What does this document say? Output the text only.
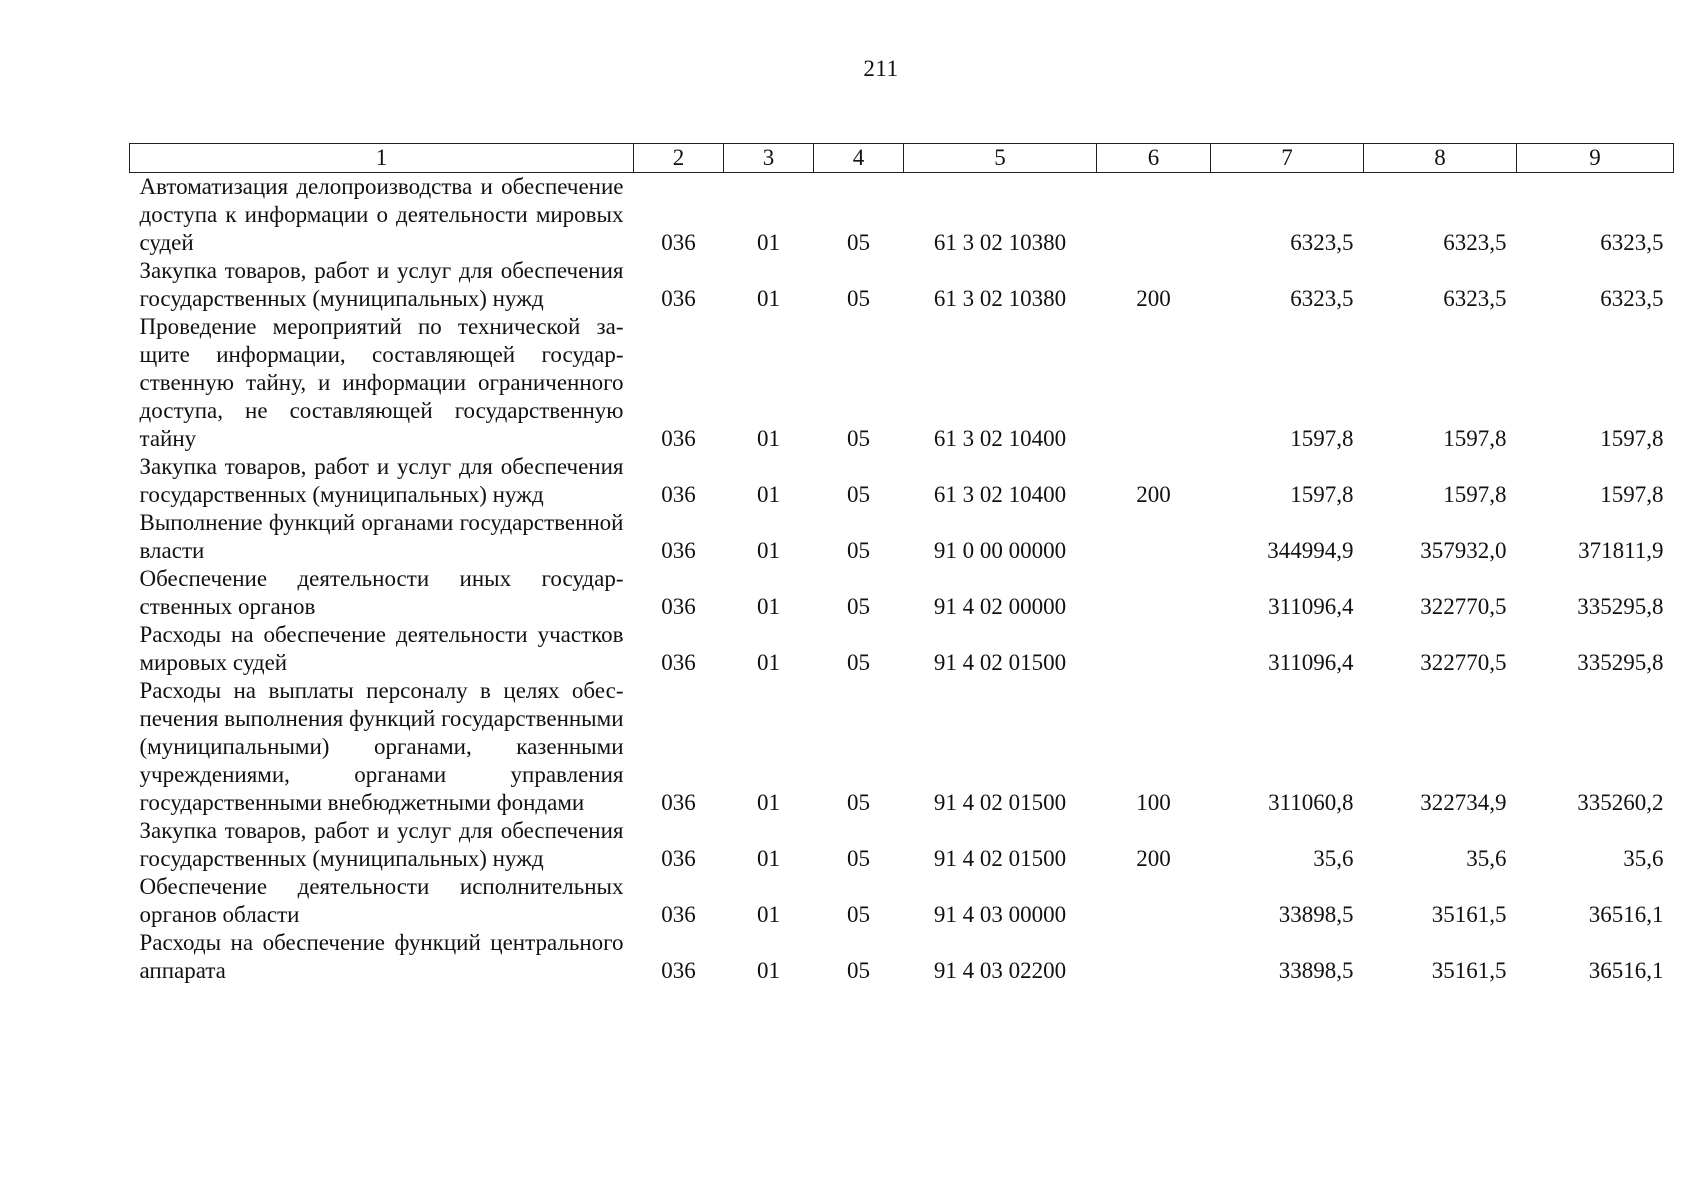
211
1	2	3	4	5	6	7	8	9
Автоматизация делопроизводства и обеспечение доступа к информации о деятельности мировых судей	036	01	05	61 3 02 10380		6323,5	6323,5	6323,5
Закупка товаров, работ и услуг для обеспечения государственных (муниципальных) нужд	036	01	05	61 3 02 10380	200	6323,5	6323,5	6323,5
Проведение мероприятий по технической защите информации, составляющей государственную тайну, и информации ограниченного доступа, не составляющей государственную тайну	036	01	05	61 3 02 10400		1597,8	1597,8	1597,8
Закупка товаров, работ и услуг для обеспечения государственных (муниципальных) нужд	036	01	05	61 3 02 10400	200	1597,8	1597,8	1597,8
Выполнение функций органами государственной власти	036	01	05	91 0 00 00000		344994,9	357932,0	371811,9
Обеспечение деятельности иных государственных органов	036	01	05	91 4 02 00000		311096,4	322770,5	335295,8
Расходы на обеспечение деятельности участков мировых судей	036	01	05	91 4 02 01500		311096,4	322770,5	335295,8
Расходы на выплаты персоналу в целях обеспечения выполнения функций государственными (муниципальными) органами, казенными учреждениями, органами управления государственными внебюджетными фондами	036	01	05	91 4 02 01500	100	311060,8	322734,9	335260,2
Закупка товаров, работ и услуг для обеспечения государственных (муниципальных) нужд	036	01	05	91 4 02 01500	200	35,6	35,6	35,6
Обеспечение деятельности исполнительных органов области	036	01	05	91 4 03 00000		33898,5	35161,5	36516,1
Расходы на обеспечение функций центрального аппарата	036	01	05	91 4 03 02200		33898,5	35161,5	36516,1
